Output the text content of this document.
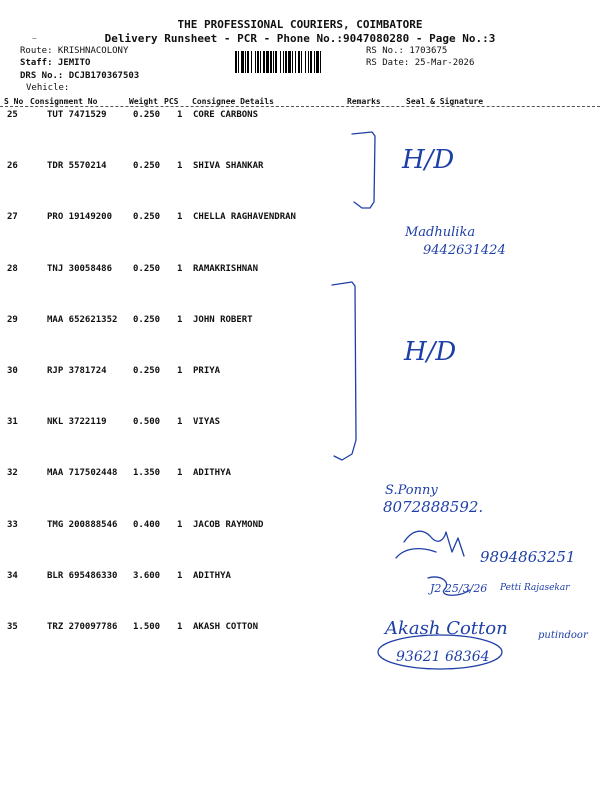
THE PROFESSIONAL COURIERS, COIMBATORE
Delivery Runsheet - PCR - Phone No.:9047080280 - Page No.:3
~
Route: KRISHNACOLONY
Staff: JEMITO
DRS No.: DCJB170367503
Vehicle:
RS No.: 1703675
RS Date: 25-Mar-2026
S No Consignment No	Weight PCS Consignee Details	Remarks	Seal & Signature
25	TUT 7471529	0.250 1 CORE CARBONS
26	TDR 5570214	0.250 1 SHIVA SHANKAR
27	PRO 19149200 0.250 1 CHELLA RAGHAVENDRAN
28	TNJ 30058486 0.250 1 RAMAKRISHNAN
29	MAA 652621352 0.250 1 JOHN ROBERT
30	RJP 3781724	0.250 1 PRIYA
31	NKL 3722119	0.500 1 VIYAS
32	MAA 717502448 1.350 1 ADITHYA
33	TMG 200888546 0.400 1 JACOB RAYMOND
34	BLR 695486330 3.600 1 ADITHYA
35	TRZ 270097786 1.500 1 AKASH COTTON
H/D
H/D
Madhulika
9442631424
S.Ponny
8072888592.
9894863251
J2 25/3/26 Petti Rajasekar
Akash Cotton	putindoor
93621 68364
